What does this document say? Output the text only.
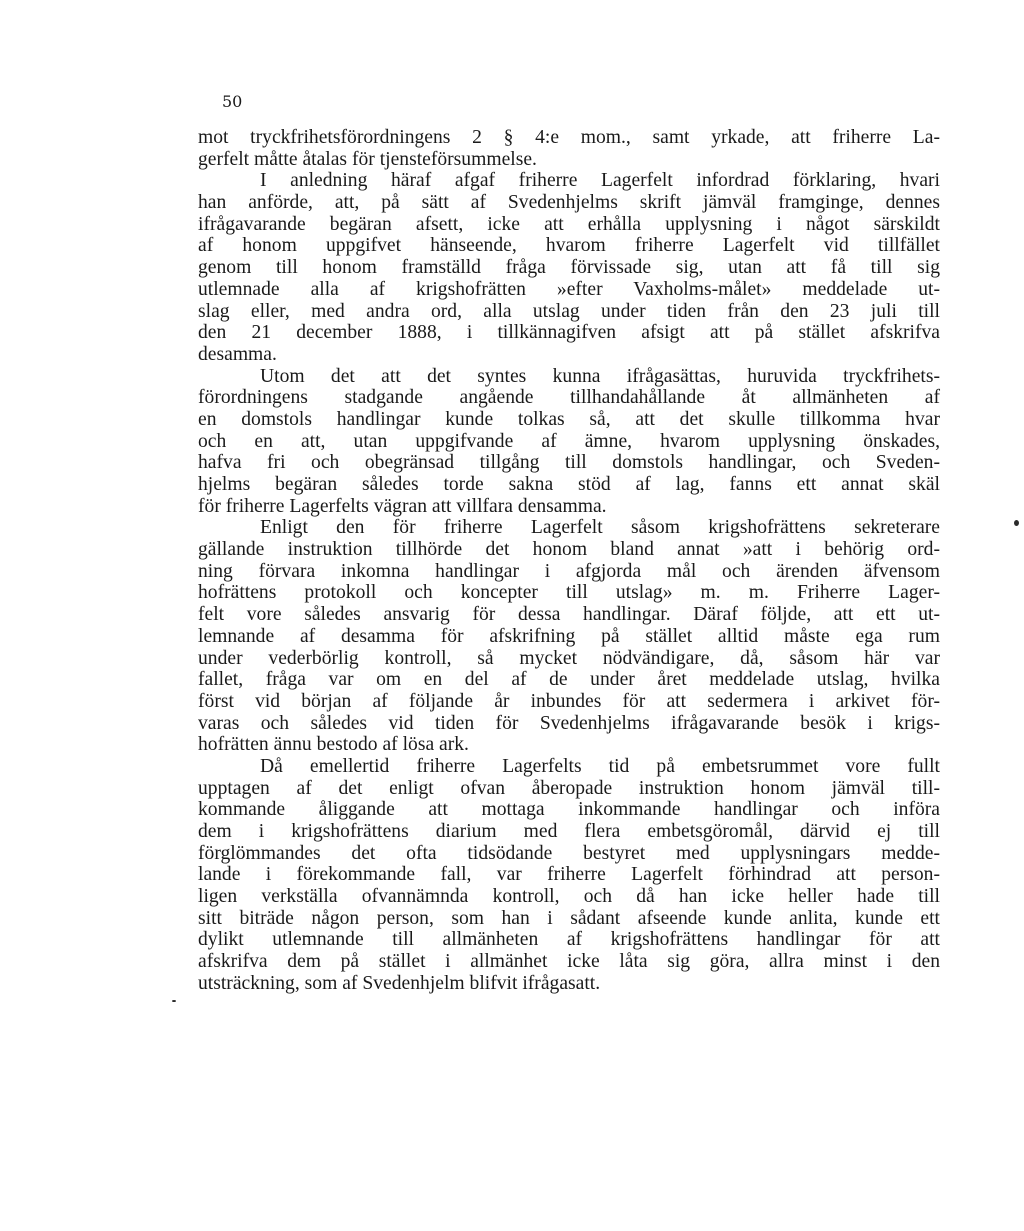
50
mot tryckfrihetsförordningens 2 § 4:e mom., samt yrkade, att friherre La-
gerfelt måtte åtalas för tjensteförsummelse.
I anledning häraf afgaf friherre Lagerfelt infordrad förklaring, hvari
han anförde, att, på sätt af Svedenhjelms skrift jämväl framginge, dennes
ifrågavarande begäran afsett, icke att erhålla upplysning i något särskildt
af honom uppgifvet hänseende, hvarom friherre Lagerfelt vid tillfället
genom till honom framställd fråga förvissade sig, utan att få till sig
utlemnade alla af krigshofrätten »efter Vaxholms-målet» meddelade ut-
slag eller, med andra ord, alla utslag under tiden från den 23 juli till
den 21 december 1888, i tillkännagifven afsigt att på stället afskrifva
desamma.
Utom det att det syntes kunna ifrågasättas, huruvida tryckfrihets-
förordningens stadgande angående tillhandahållande åt allmänheten af
en domstols handlingar kunde tolkas så, att det skulle tillkomma hvar
och en att, utan uppgifvande af ämne, hvarom upplysning önskades,
hafva fri och obegränsad tillgång till domstols handlingar, och Sveden-
hjelms begäran således torde sakna stöd af lag, fanns ett annat skäl
för friherre Lagerfelts vägran att villfara densamma.
Enligt den för friherre Lagerfelt såsom krigshofrättens sekreterare
gällande instruktion tillhörde det honom bland annat »att i behörig ord-
ning förvara inkomna handlingar i afgjorda mål och ärenden äfvensom
hofrättens protokoll och koncepter till utslag» m. m. Friherre Lager-
felt vore således ansvarig för dessa handlingar. Däraf följde, att ett ut-
lemnande af desamma för afskrifning på stället alltid måste ega rum
under vederbörlig kontroll, så mycket nödvändigare, då, såsom här var
fallet, fråga var om en del af de under året meddelade utslag, hvilka
först vid början af följande år inbundes för att sedermera i arkivet för-
varas och således vid tiden för Svedenhjelms ifrågavarande besök i krigs-
hofrätten ännu bestodo af lösa ark.
Då emellertid friherre Lagerfelts tid på embetsrummet vore fullt
upptagen af det enligt ofvan åberopade instruktion honom jämväl till-
kommande åliggande att mottaga inkommande handlingar och införa
dem i krigshofrättens diarium med flera embetsgöromål, därvid ej till
förglömmandes det ofta tidsödande bestyret med upplysningars medde-
lande i förekommande fall, var friherre Lagerfelt förhindrad att person-
ligen verkställa ofvannämnda kontroll, och då han icke heller hade till
sitt biträde någon person, som han i sådant afseende kunde anlita, kunde ett
dylikt utlemnande till allmänheten af krigshofrättens handlingar för att
afskrifva dem på stället i allmänhet icke låta sig göra, allra minst i den
utsträckning, som af Svedenhjelm blifvit ifrågasatt.
